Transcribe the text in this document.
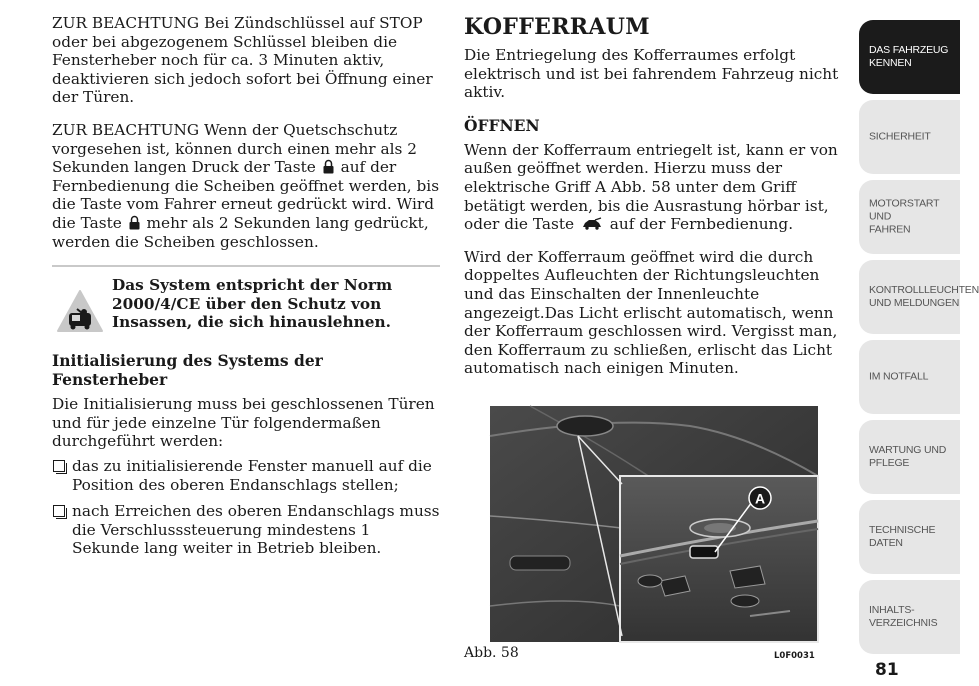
ZUR BEACHTUNG Bei Zündschlüssel auf STOP oder bei abgezogenem Schlüssel bleiben die Fensterheber noch für ca. 3 Minuten aktiv, deaktivieren sich jedoch sofort bei Öffnung einer der Türen.

ZUR BEACHTUNG Wenn der Quetschschutz vorgesehen ist, können durch einen mehr als 2 Sekunden langen Druck der Taste auf der Fernbedienung die Scheiben geöffnet werden, bis die Taste vom Fahrer erneut gedrückt wird. Wird die Taste mehr als 2 Sekunden lang gedrückt, werden die Scheiben geschlossen.

Das System entspricht der Norm 2000/4/CE über den Schutz von Insassen, die sich hinauslehnen.
Initialisierung des Systems der Fensterheber

Die Initialisierung muss bei geschlossenen Türen und für jede einzelne Tür folgendermaßen durchgeführt werden:

das zu initialisierende Fenster manuell auf die Position des oberen Endanschlags stellen;
nach Erreichen des oberen Endanschlags muss die Verschlusssteuerung mindestens 1 Sekunde lang weiter in Betrieb bleiben.
KOFFERRAUM

Die Entriegelung des Kofferraumes erfolgt elektrisch und ist bei fahrendem Fahrzeug nicht aktiv.

ÖFFNEN

Wenn der Kofferraum entriegelt ist, kann er von außen geöffnet werden. Hierzu muss der elektrische Griff A Abb. 58 unter dem Griff betätigt werden, bis die Ausrastung hörbar ist, oder die Taste auf der Fernbedienung.

Wird der Kofferraum geöffnet wird die durch doppeltes Aufleuchten der Richtungsleuchten und das Einschalten der Innenleuchte angezeigt.Das Licht erlischt automatisch, wenn der Kofferraum geschlossen wird. Vergisst man, den Kofferraum zu schließen, erlischt das Licht automatisch nach einigen Minuten.

A
Abb. 58	L0F0031
DAS FAHRZEUG
KENNEN
SICHERHEIT
MOTORSTART UND
FAHREN
KONTROLLLEUCHTEN
UND MELDUNGEN
IM NOTFALL
WARTUNG UND
PFLEGE
TECHNISCHE
DATEN
INHALTS-
VERZEICHNIS
81
